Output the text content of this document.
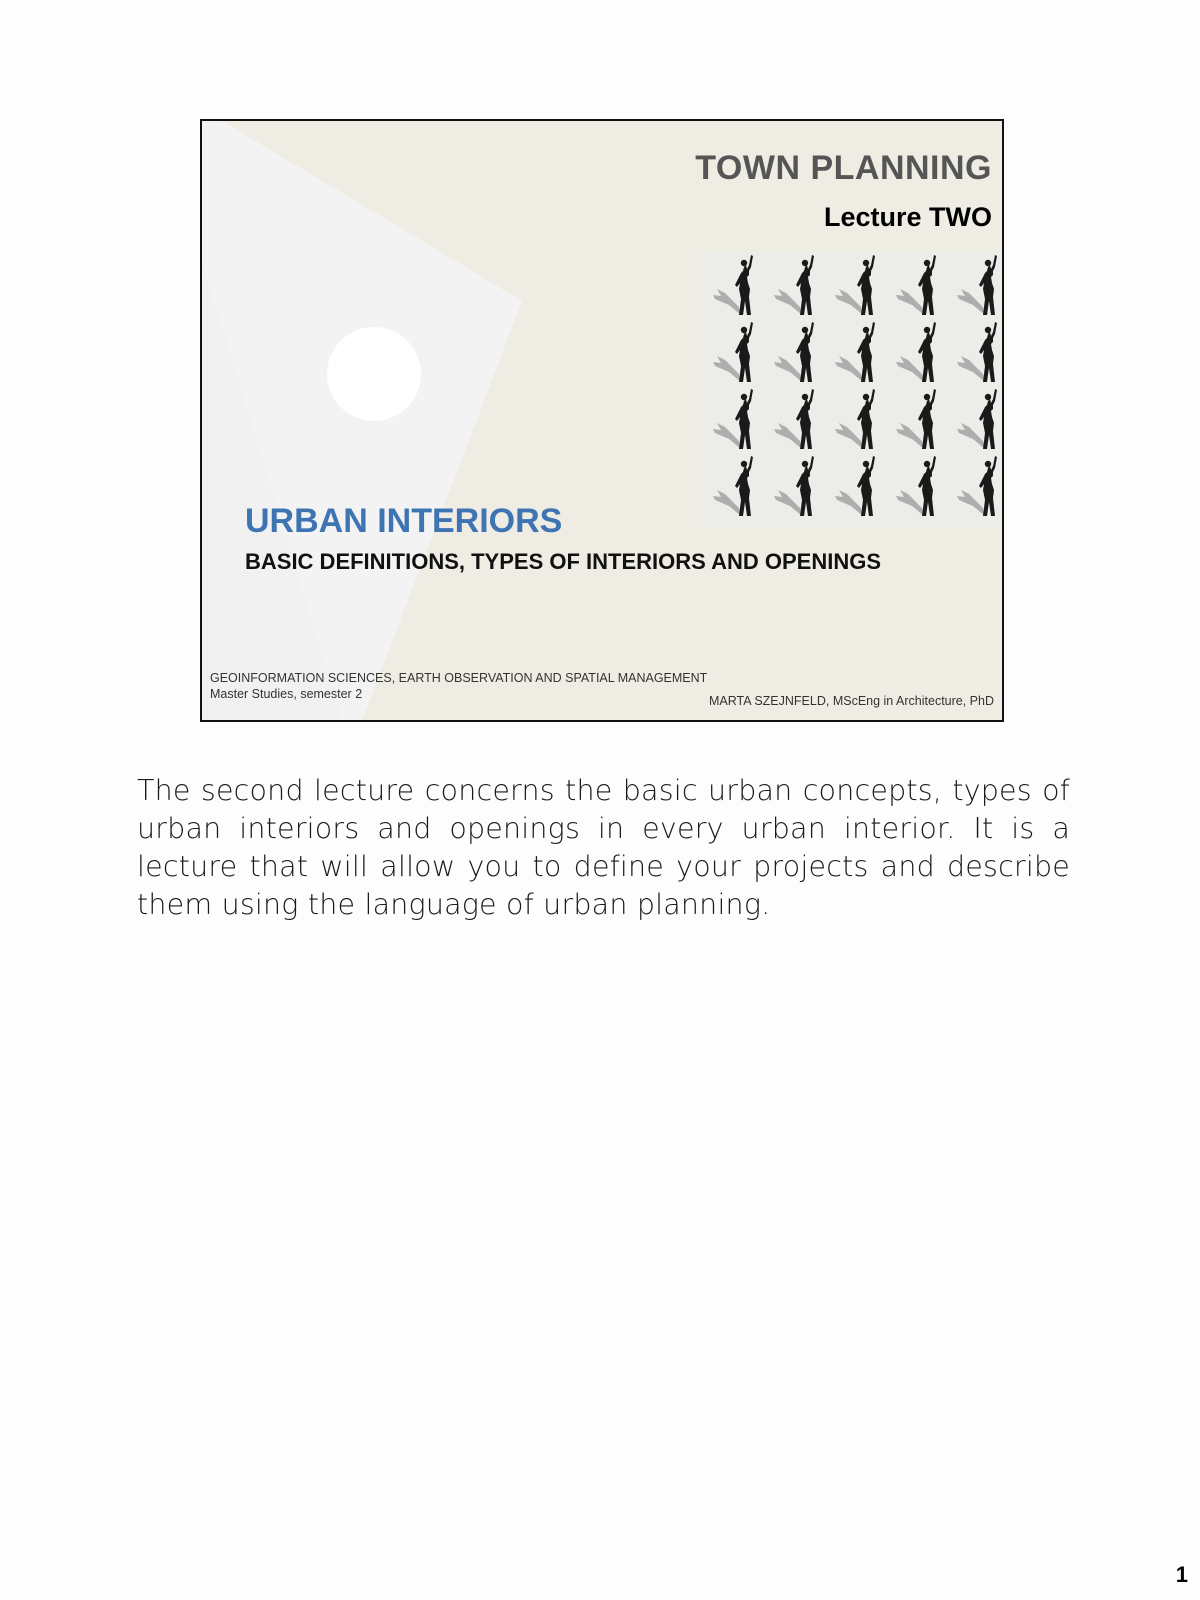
TOWN PLANNING
Lecture TWO
URBAN INTERIORS
BASIC DEFINITIONS, TYPES OF INTERIORS AND OPENINGS
GEOINFORMATION SCIENCES, EARTH OBSERVATION AND SPATIAL MANAGEMENT
Master Studies, semester 2	MARTA SZEJNFELD, MScEng in Architecture, PhD

The second lecture concerns the basic urban concepts, types of urban interiors and openings in every urban interior. It is a lecture that will allow you to define your projects and describe them using the language of urban planning.

1
